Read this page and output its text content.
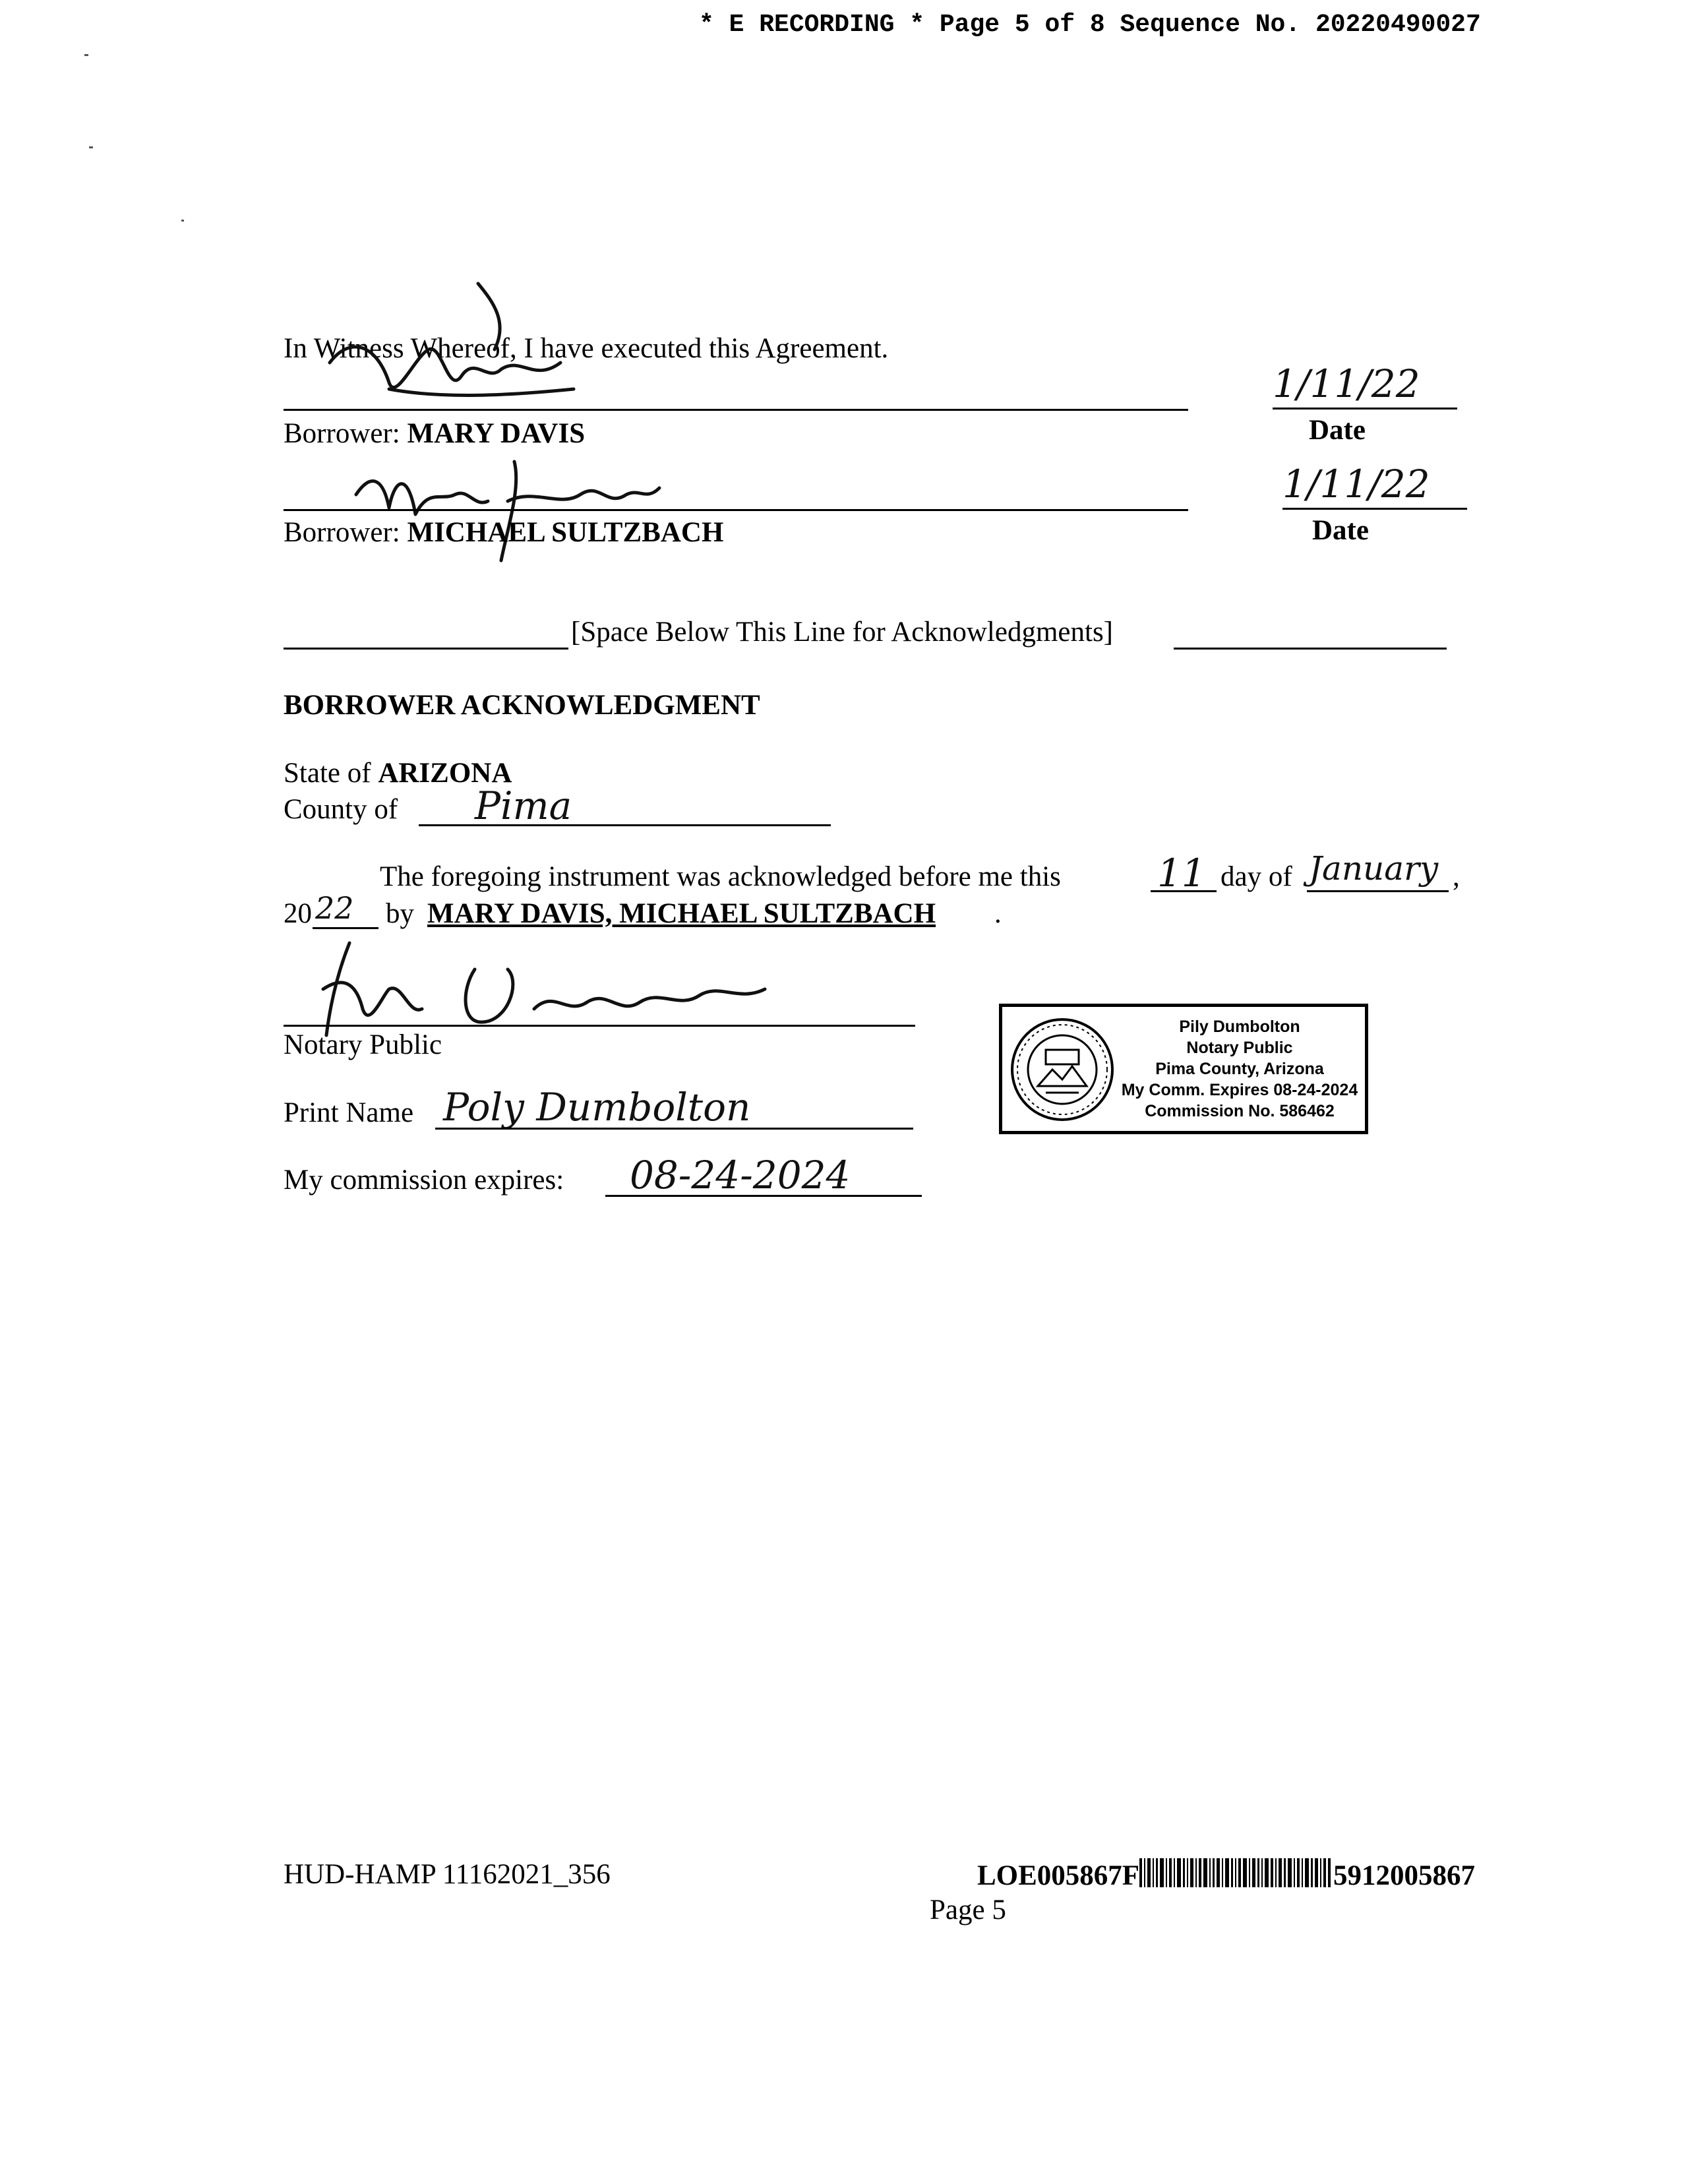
* E RECORDING * Page 5 of 8 Sequence No. 20220490027
In Witness Whereof, I have executed this Agreement.
Borrower: MARY DAVIS
1/11/22
Date
Borrower: MICHAEL SULTZBACH
1/11/22
Date
[Space Below This Line for Acknowledgments]
BORROWER ACKNOWLEDGMENT
State of ARIZONA
County of Pima
The foregoing instrument was acknowledged before me this	11 day of January ,
20 22 by MARY DAVIS, MICHAEL SULTZBACH .
Notary Public
Print Name Poly Dumbolton
My commission expires: 08-24-2024
Pily Dumbolton
Notary Public
Pima County, Arizona
My Comm. Expires 08-24-2024
Commission No. 586462
HUD-HAMP 11162021_356	LOE005867F	5912005867
Page 5
